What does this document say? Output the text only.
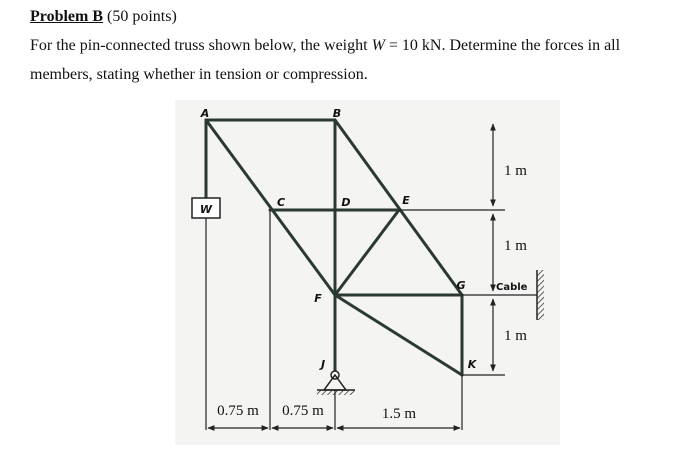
Problem B (50 points)
For the pin-connected truss shown below, the weight W = 10 kN. Determine the forces in all
members, stating whether in tension or compression.
W
A	B
C	D	E
F
G
J	K
1 m
1 m
Cable
1 m
0.75 m 0.75 m	1.5 m
